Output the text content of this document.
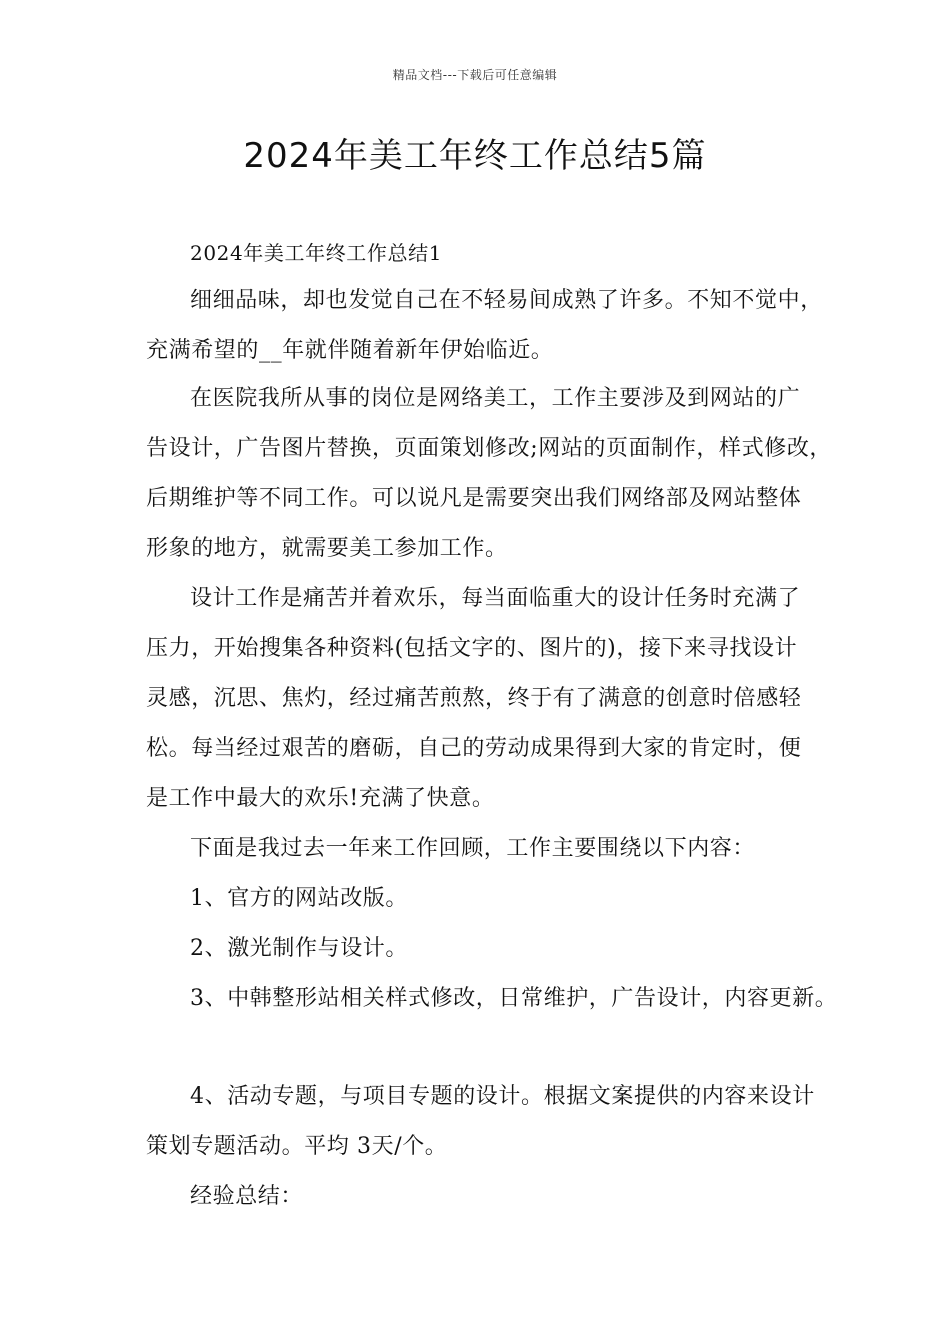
精品文档---下载后可任意编辑
2024年美工年终工作总结5篇
2024年美工年终工作总结1
细细品味，却也发觉自己在不轻易间成熟了许多。不知不觉中，
充满希望的__年就伴随着新年伊始临近。
在医院我所从事的岗位是网络美工，工作主要涉及到网站的广
告设计，广告图片替换，页面策划修改;网站的页面制作，样式修改，
后期维护等不同工作。可以说凡是需要突出我们网络部及网站整体
形象的地方，就需要美工参加工作。
设计工作是痛苦并着欢乐，每当面临重大的设计任务时充满了
压力，开始搜集各种资料(包括文字的、图片的)，接下来寻找设计
灵感，沉思、焦灼，经过痛苦煎熬，终于有了满意的创意时倍感轻
松。每当经过艰苦的磨砺，自己的劳动成果得到大家的肯定时，便
是工作中最大的欢乐!充满了快意。
下面是我过去一年来工作回顾，工作主要围绕以下内容：
1、官方的网站改版。
2、激光制作与设计。
3、中韩整形站相关样式修改，日常维护，广告设计，内容更新。
4、活动专题，与项目专题的设计。根据文案提供的内容来设计
策划专题活动。平均 3天/个。
经验总结：
